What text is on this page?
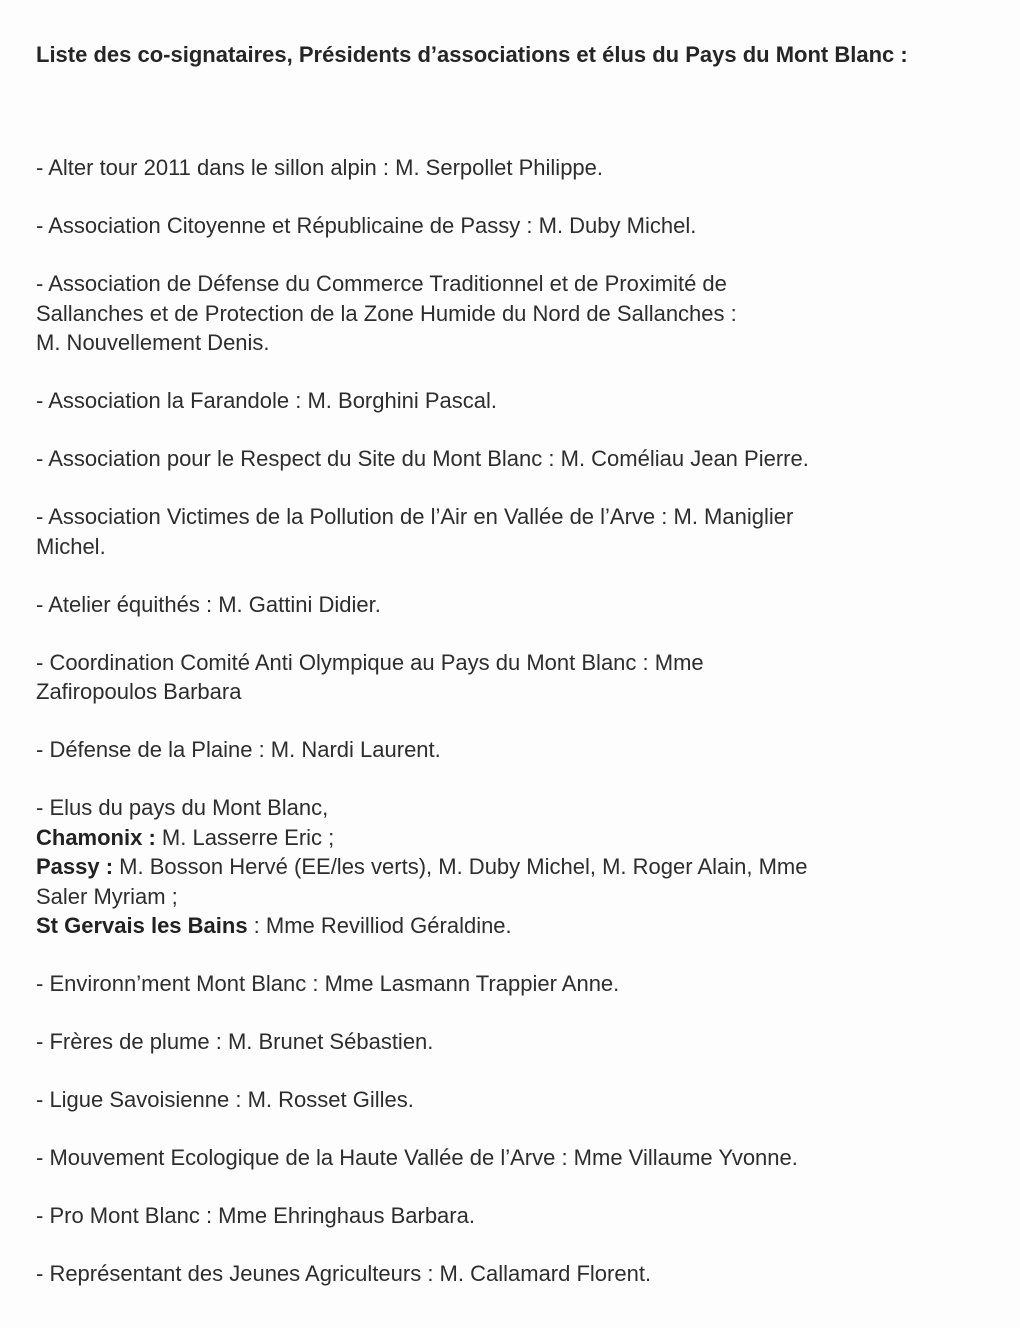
Liste des co-signataires, Présidents d’associations et élus du Pays du Mont Blanc :

- Alter tour 2011 dans le sillon alpin : M. Serpollet Philippe.
- Association Citoyenne et Républicaine de Passy : M. Duby Michel.
- Association de Défense du Commerce Traditionnel et de Proximité de
Sallanches et de Protection de la Zone Humide du Nord de Sallanches :
M. Nouvellement Denis.
- Association la Farandole : M. Borghini Pascal.
- Association pour le Respect du Site du Mont Blanc : M. Coméliau Jean Pierre.
- Association Victimes de la Pollution de l’Air en Vallée de l’Arve : M. Maniglier
Michel.
- Atelier équithés : M. Gattini Didier.
- Coordination Comité Anti Olympique au Pays du Mont Blanc : Mme
Zafiropoulos Barbara
- Défense de la Plaine : M. Nardi Laurent.
- Elus du pays du Mont Blanc,
Chamonix : M. Lasserre Eric ;
Passy : M. Bosson Hervé (EE/les verts), M. Duby Michel, M. Roger Alain, Mme
Saler Myriam ;
St Gervais les Bains : Mme Revilliod Géraldine.
- Environn’ment Mont Blanc : Mme Lasmann Trappier Anne.
- Frères de plume : M. Brunet Sébastien.
- Ligue Savoisienne : M. Rosset Gilles.
- Mouvement Ecologique de la Haute Vallée de l’Arve : Mme Villaume Yvonne.
- Pro Mont Blanc : Mme Ehringhaus Barbara.
- Représentant des Jeunes Agriculteurs : M. Callamard Florent.
